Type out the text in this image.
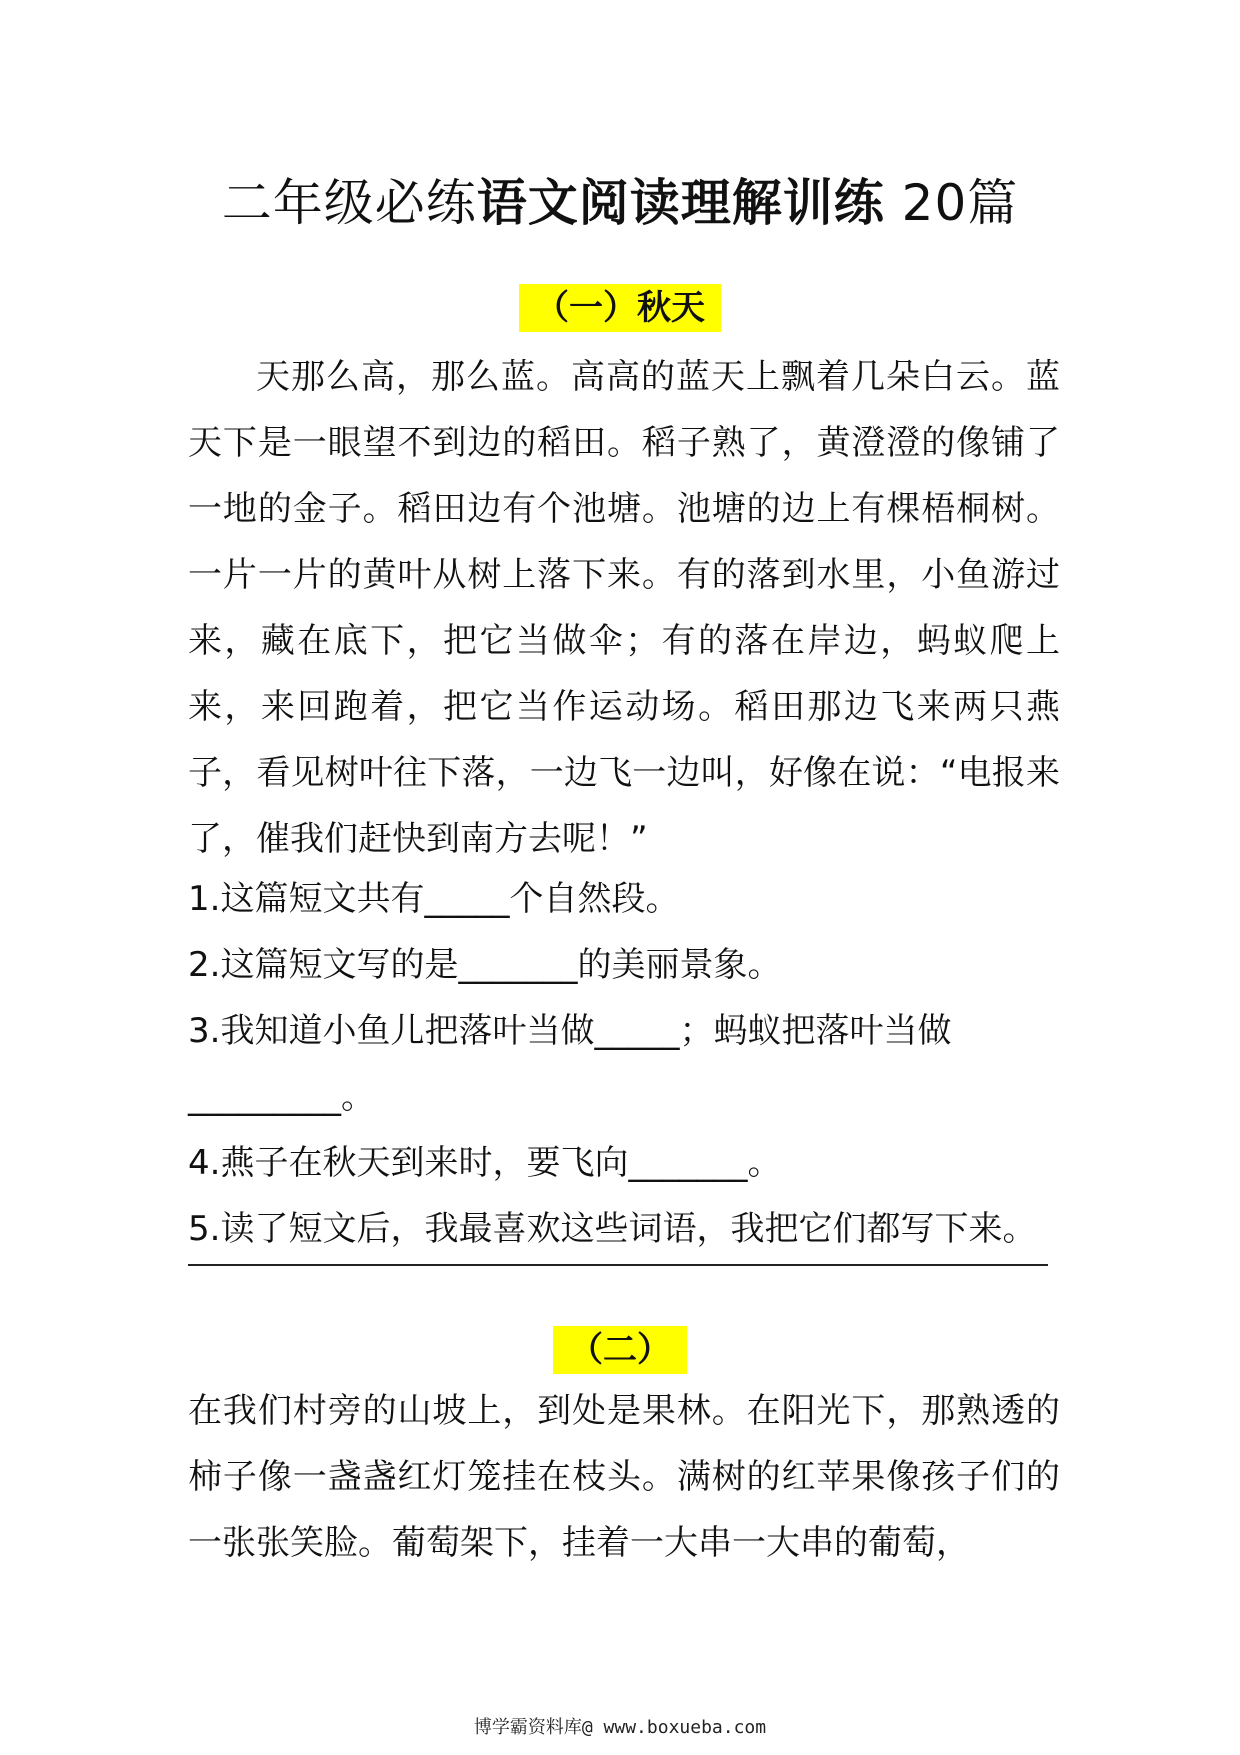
二年级必练语文阅读理解训练 20篇
（一）秋天
天那么高，那么蓝。高高的蓝天上飘着几朵白云。蓝天下是一眼望不到边的稻田。稻子熟了，黄澄澄的像铺了一地的金子。稻田边有个池塘。池塘的边上有棵梧桐树。一片一片的黄叶从树上落下来。有的落到水里，小鱼游过来，藏在底下，把它当做伞；有的落在岸边，蚂蚁爬上来，来回跑着，把它当作运动场。稻田那边飞来两只燕子，看见树叶往下落，一边飞一边叫，好像在说：“电报来了，催我们赶快到南方去呢！”
1.这篇短文共有_____个自然段。
2.这篇短文写的是_______的美丽景象。
3.我知道小鱼儿把落叶当做_____；蚂蚁把落叶当做
_________。
4.燕子在秋天到来时，要飞向_______。
5.读了短文后，我最喜欢这些词语，我把它们都写下来。
（二）
在我们村旁的山坡上，到处是果林。在阳光下，那熟透的柿子像一盏盏红灯笼挂在枝头。满树的红苹果像孩子们的一张张笑脸。葡萄架下，挂着一大串一大串的葡萄，
博学霸资料库@ www.boxueba.com
